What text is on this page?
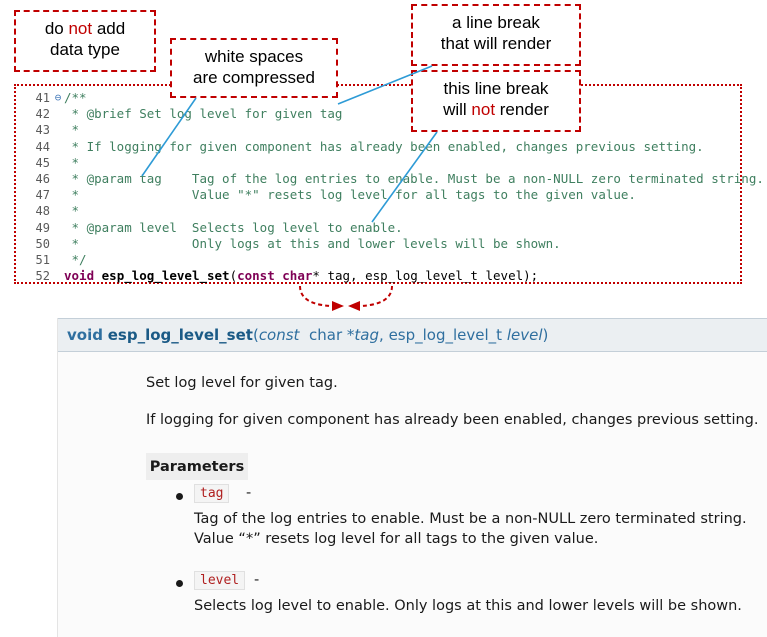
do not add
data type	white spaces
are compressed
a line break
that will render
this line break
will not render
41 ⊖ /**
42 * @brief Set log level for given tag
43 *
44 * If logging for given component has already been enabled, changes previous setting.
45 *
46 * @param tag    Tag of the log entries to enable. Must be a non-NULL zero terminated string.
47 *               Value "*" resets log level for all tags to the given value.
48 *
49 * @param level  Selects log level to enable.
50 *               Only logs at this and lower levels will be shown.
51 */
52 void esp_log_level_set(const char* tag, esp_log_level_t level);
void esp_log_level_set(const char *tag, esp_log_level_t level)
Set log level for given tag.
If logging for given component has already been enabled, changes previous setting.
Parameters
tag	-
Tag of the log entries to enable. Must be a non-NULL zero terminated string. Value “*” resets log level for all tags to the given value.
level	-
Selects log level to enable. Only logs at this and lower levels will be shown.
